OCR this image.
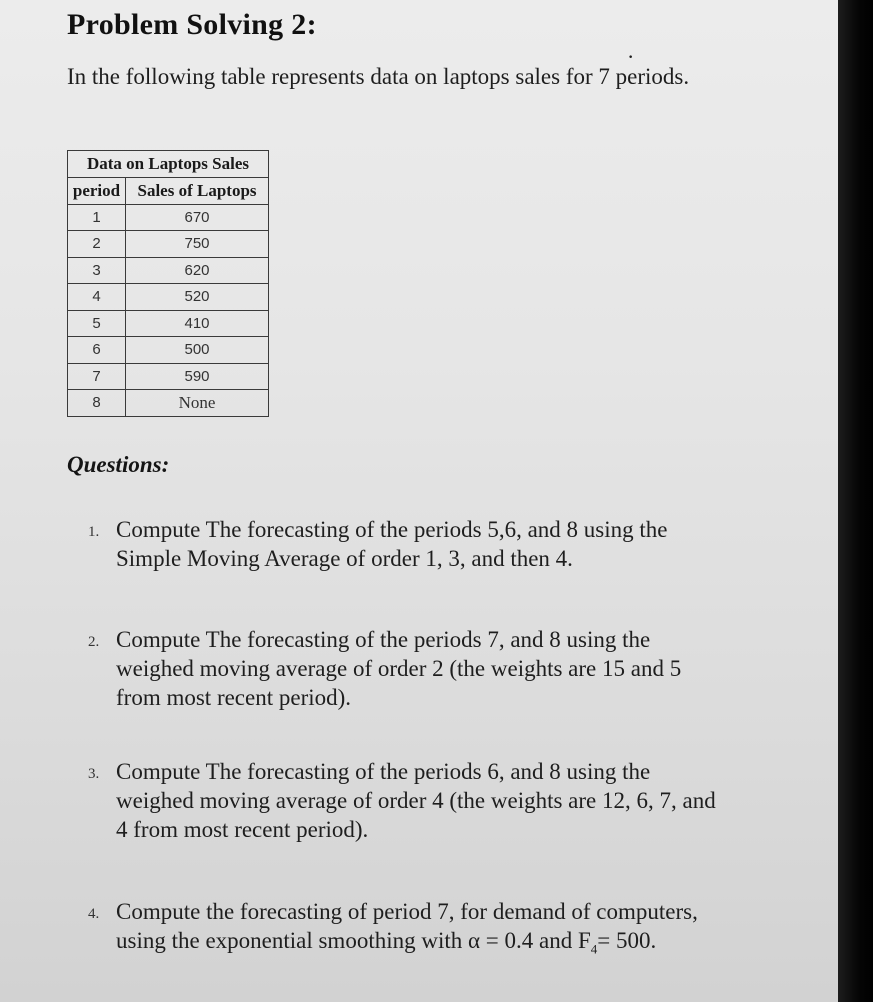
Problem Solving 2:

In the following table represents data on laptops sales for 7 periods.
·

Data on Laptops Sales	
period	Sales of Laptops
1	670
2	750
3	620
4	520
5	410
6	500
7	590
8	None
Questions:
1. Compute The forecasting of the periods 5,6, and 8 using the Simple Moving Average of order 1, 3, and then 4.
2. Compute The forecasting of the periods 7, and 8 using the weighed moving average of order 2 (the weights are 15 and 5 from most recent period).
3. Compute The forecasting of the periods 6, and 8 using the weighed moving average of order 4 (the weights are 12, 6, 7, and 4 from most recent period).
4. Compute the forecasting of period 7, for demand of computers, using the exponential smoothing with α = 0.4 and $F_4= 500$.
